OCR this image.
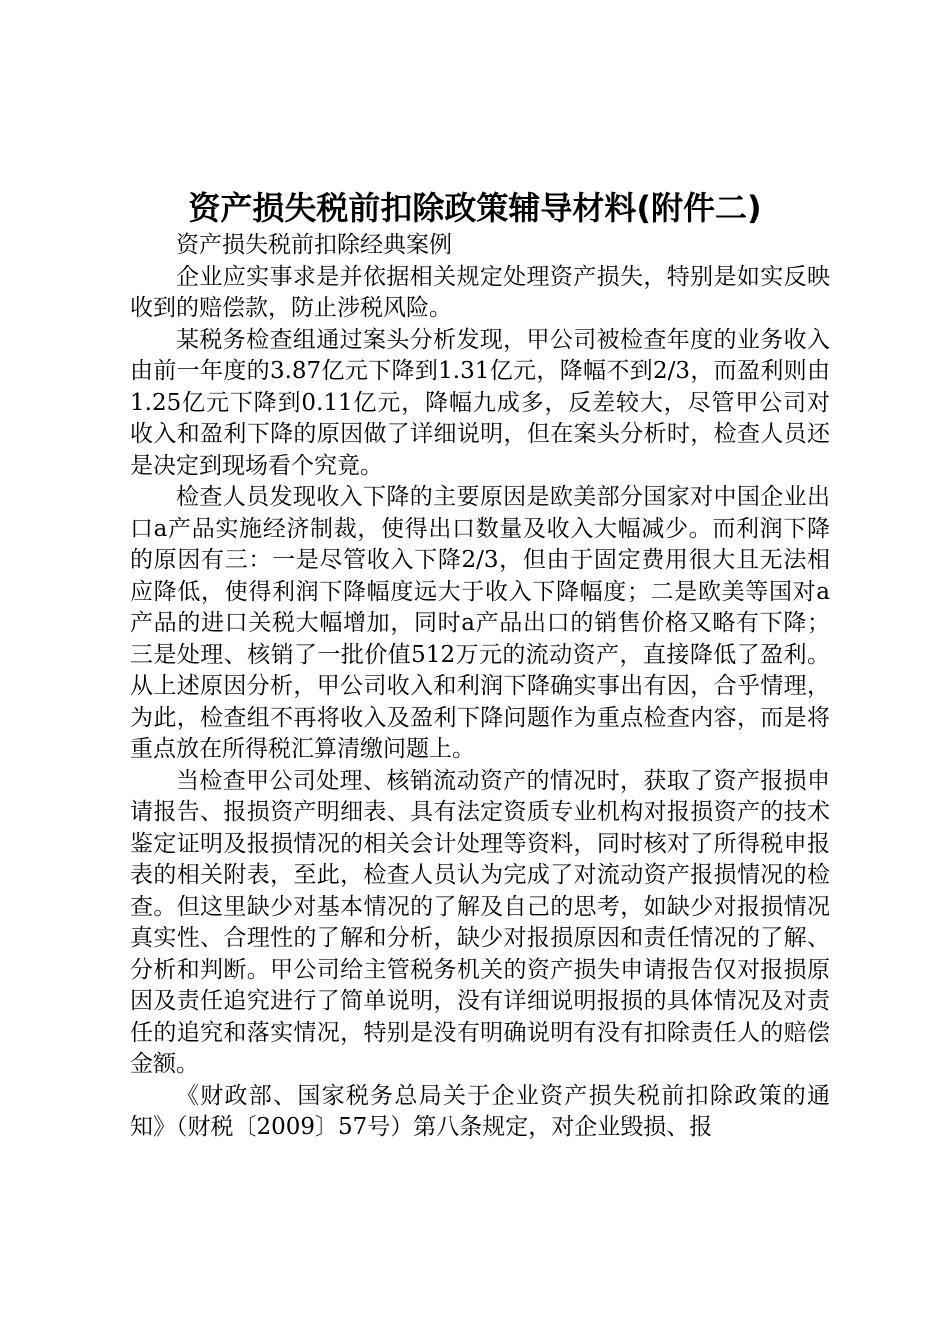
资产损失税前扣除政策辅导材料(附件二)

资产损失税前扣除经典案例

企业应实事求是并依据相关规定处理资产损失，特别是如实反映收到的赔偿款，防止涉税风险。

某税务检查组通过案头分析发现，甲公司被检查年度的业务收入由前一年度的3.87亿元下降到1.31亿元，降幅不到2/3，而盈利则由1.25亿元下降到0.11亿元，降幅九成多，反差较大，尽管甲公司对收入和盈利下降的原因做了详细说明，但在案头分析时，检查人员还是决定到现场看个究竟。

检查人员发现收入下降的主要原因是欧美部分国家对中国企业出口a产品实施经济制裁，使得出口数量及收入大幅减少。而利润下降的原因有三：一是尽管收入下降2/3，但由于固定费用很大且无法相应降低，使得利润下降幅度远大于收入下降幅度；二是欧美等国对a产品的进口关税大幅增加，同时a产品出口的销售价格又略有下降；三是处理、核销了一批价值512万元的流动资产，直接降低了盈利。从上述原因分析，甲公司收入和利润下降确实事出有因，合乎情理，为此，检查组不再将收入及盈利下降问题作为重点检查内容，而是将重点放在所得税汇算清缴问题上。

当检查甲公司处理、核销流动资产的情况时，获取了资产报损申请报告、报损资产明细表、具有法定资质专业机构对报损资产的技术鉴定证明及报损情况的相关会计处理等资料，同时核对了所得税申报表的相关附表，至此，检查人员认为完成了对流动资产报损情况的检查。但这里缺少对基本情况的了解及自己的思考，如缺少对报损情况真实性、合理性的了解和分析，缺少对报损原因和责任情况的了解、分析和判断。甲公司给主管税务机关的资产损失申请报告仅对报损原因及责任追究进行了简单说明，没有详细说明报损的具体情况及对责任的追究和落实情况，特别是没有明确说明有没有扣除责任人的赔偿金额。

《财政部、国家税务总局关于企业资产损失税前扣除政策的通知》（财税〔2009〕57号）第八条规定，对企业毁损、报
